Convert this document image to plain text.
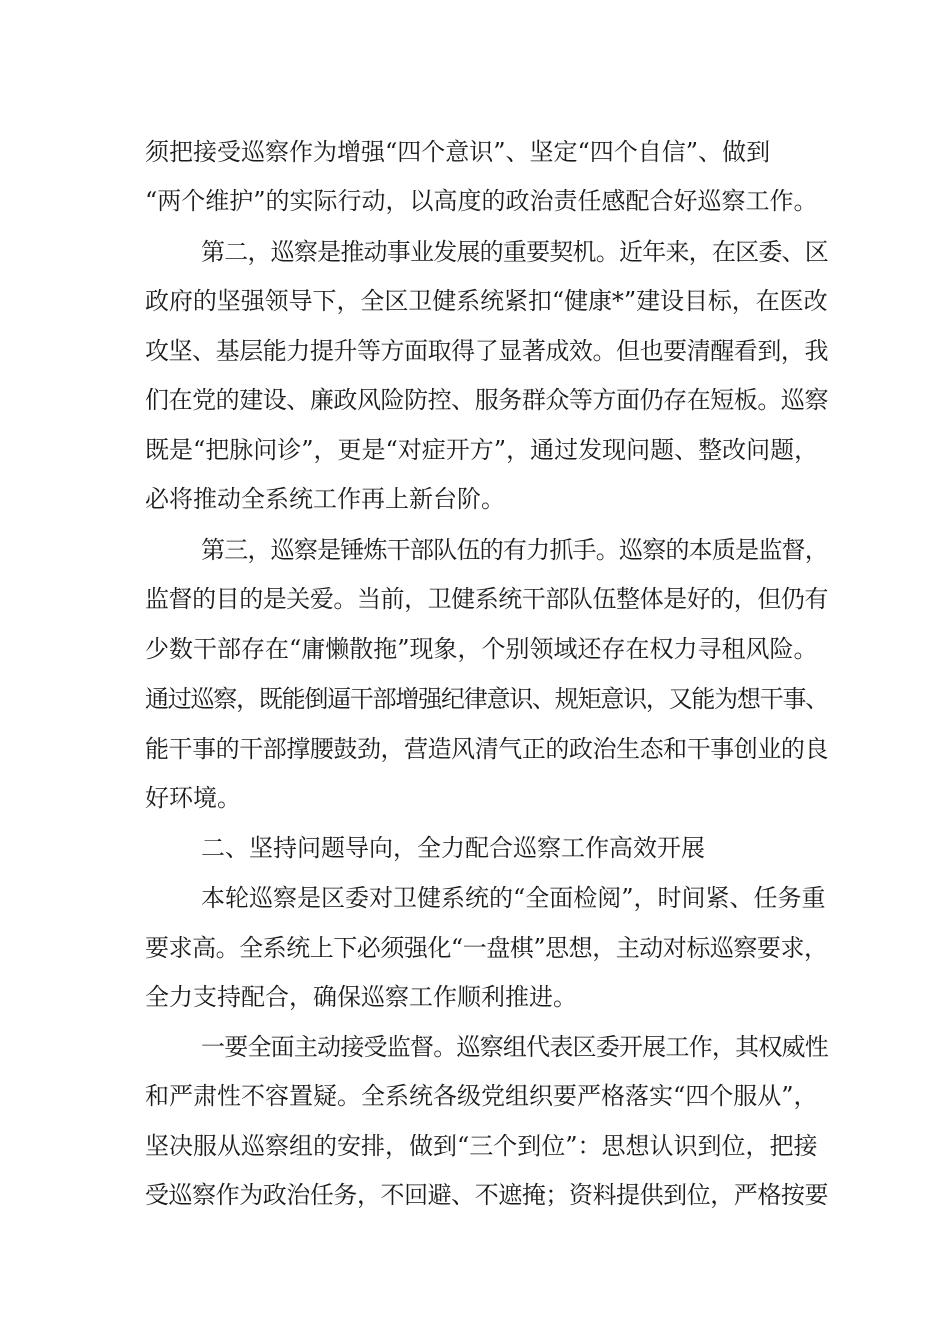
须把接受巡察作为增强“四个意识”、坚定“四个自信”、做到
“两个维护”的实际行动，以高度的政治责任感配合好巡察工作。
第二，巡察是推动事业发展的重要契机。近年来，在区委、区
政府的坚强领导下，全区卫健系统紧扣“健康*”建设目标，在医改
攻坚、基层能力提升等方面取得了显著成效。但也要清醒看到，我
们在党的建设、廉政风险防控、服务群众等方面仍存在短板。巡察
既是“把脉问诊”，更是“对症开方”，通过发现问题、整改问题，
必将推动全系统工作再上新台阶。
第三，巡察是锤炼干部队伍的有力抓手。巡察的本质是监督，
监督的目的是关爱。当前，卫健系统干部队伍整体是好的，但仍有
少数干部存在“庸懒散拖”现象，个别领域还存在权力寻租风险。
通过巡察，既能倒逼干部增强纪律意识、规矩意识，又能为想干事、
能干事的干部撑腰鼓劲，营造风清气正的政治生态和干事创业的良
好环境。
二、坚持问题导向，全力配合巡察工作高效开展
本轮巡察是区委对卫健系统的“全面检阅”，时间紧、任务重
要求高。全系统上下必须强化“一盘棋”思想，主动对标巡察要求，
全力支持配合，确保巡察工作顺利推进。
一要全面主动接受监督。巡察组代表区委开展工作，其权威性
和严肃性不容置疑。全系统各级党组织要严格落实“四个服从”，
坚决服从巡察组的安排，做到“三个到位”：思想认识到位，把接
受巡察作为政治任务，不回避、不遮掩；资料提供到位，严格按要
